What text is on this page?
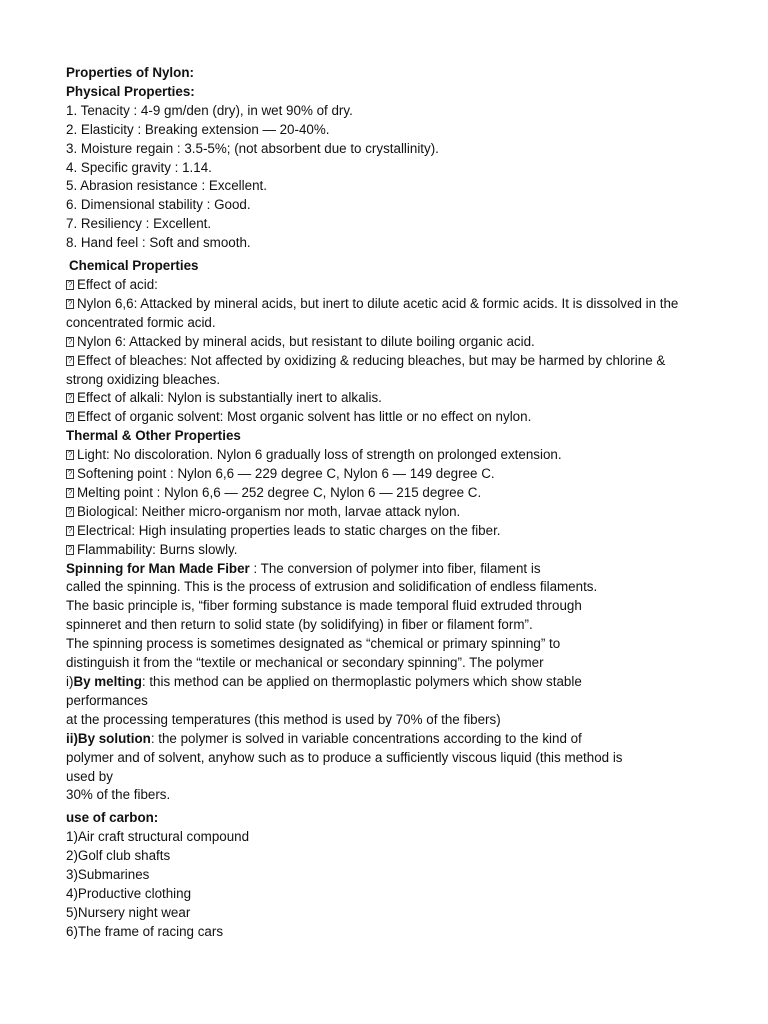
Properties of Nylon:
Physical Properties:
1. Tenacity : 4-9 gm/den (dry), in wet 90% of dry.
2. Elasticity : Breaking extension — 20-40%.
3. Moisture regain : 3.5-5%; (not absorbent due to crystallinity).
4. Specific gravity : 1.14.
5. Abrasion resistance : Excellent.
6. Dimensional stability : Good.
7. Resiliency : Excellent.
8. Hand feel : Soft and smooth.
Chemical Properties
?Effect of acid:
?Nylon 6,6: Attacked by mineral acids, but inert to dilute acetic acid & formic acids. It is dissolved in the concentrated formic acid.
?Nylon 6: Attacked by mineral acids, but resistant to dilute boiling organic acid.
?Effect of bleaches: Not affected by oxidizing & reducing bleaches, but may be harmed by chlorine & strong oxidizing bleaches.
?Effect of alkali: Nylon is substantially inert to alkalis.
?Effect of organic solvent: Most organic solvent has little or no effect on nylon.
Thermal & Other Properties
?Light: No discoloration. Nylon 6 gradually loss of strength on prolonged extension.
?Softening point : Nylon 6,6 — 229 degree C, Nylon 6 — 149 degree C.
?Melting point : Nylon 6,6 — 252 degree C, Nylon 6 — 215 degree C.
?Biological: Neither micro-organism nor moth, larvae attack nylon.
?Electrical: High insulating properties leads to static charges on the fiber.
?Flammability: Burns slowly.
Spinning for Man Made Fiber : The conversion of polymer into fiber, filament is
called the spinning. This is the process of extrusion and solidification of endless filaments.
The basic principle is, “fiber forming substance is made temporal fluid extruded through
spinneret and then return to solid state (by solidifying) in fiber or filament form”.
The spinning process is sometimes designated as “chemical or primary spinning” to
distinguish it from the “textile or mechanical or secondary spinning”. The polymer
i)By melting: this method can be applied on thermoplastic polymers which show stable
performances
at the processing temperatures (this method is used by 70% of the fibers)
ii)By solution: the polymer is solved in variable concentrations according to the kind of
polymer and of solvent, anyhow such as to produce a sufficiently viscous liquid (this method is
used by
30% of the fibers.
use of carbon:
1)Air craft structural compound
2)Golf club shafts
3)Submarines
4)Productive clothing
5)Nursery night wear
6)The frame of racing cars
